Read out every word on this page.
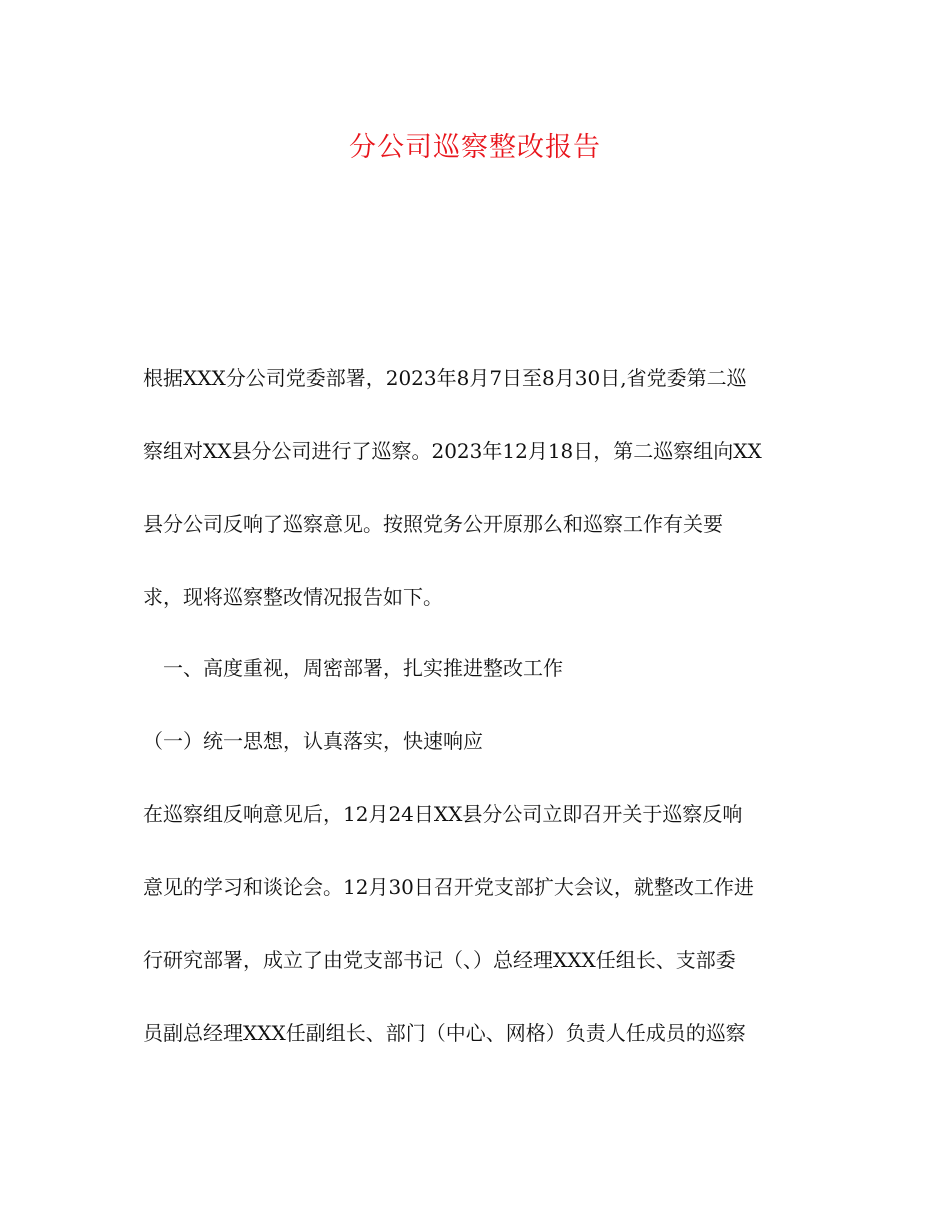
分公司巡察整改报告
根据XXX分公司党委部署，2023年8月7日至8月30日,省党委第二巡
察组对XX县分公司进行了巡察。2023年12月18日，第二巡察组向XX
县分公司反响了巡察意见。按照党务公开原那么和巡察工作有关要
求，现将巡察整改情况报告如下。
一、高度重视，周密部署，扎实推进整改工作
（一）统一思想，认真落实，快速响应
在巡察组反响意见后，12月24日XX县分公司立即召开关于巡察反响
意见的学习和谈论会。12月30日召开党支部扩大会议，就整改工作进
行研究部署，成立了由党支部书记（、）总经理XXX任组长、支部委
员副总经理XXX任副组长、部门（中心、网格）负责人任成员的巡察
